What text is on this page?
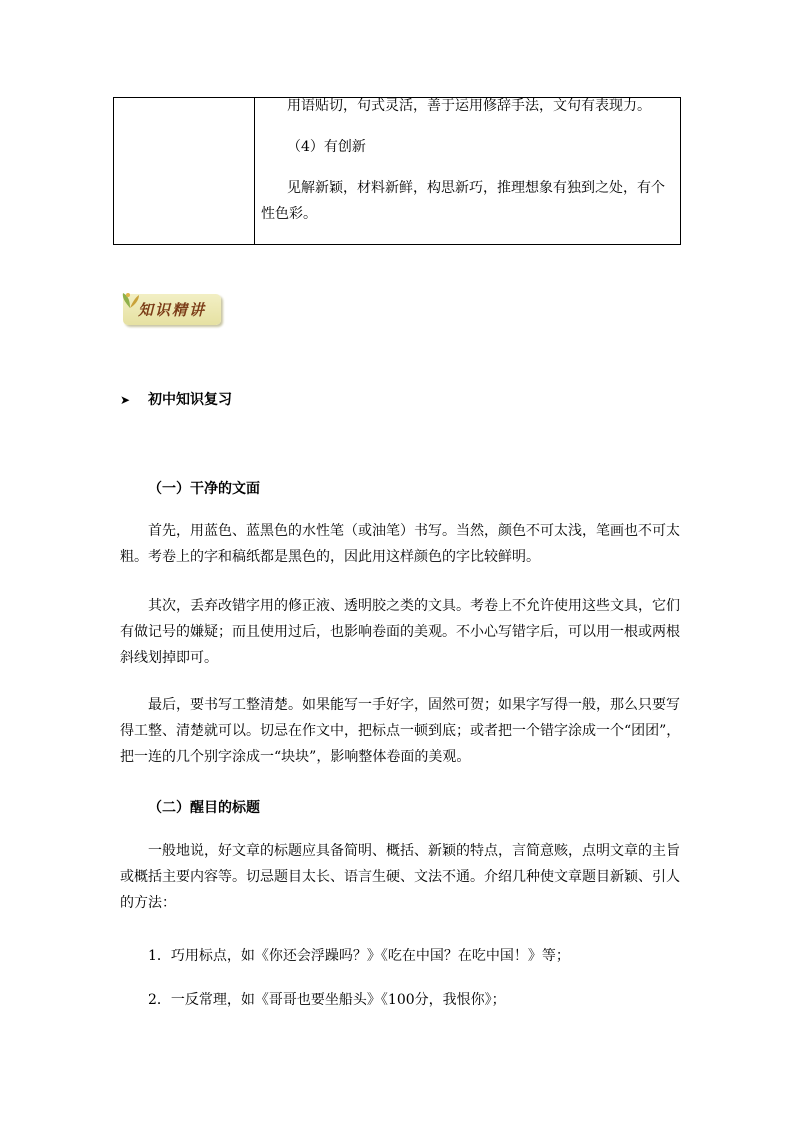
用语贴切，句式灵活，善于运用修辞手法，文句有表现力。
（4）有创新
见解新颖，材料新鲜，构思新巧，推理想象有独到之处，有个性色彩。
知识精讲
➤ 初中知识复习
（一）干净的文面

首先，用蓝色、蓝黑色的水性笔（或油笔）书写。当然，颜色不可太浅，笔画也不可太粗。考卷上的字和稿纸都是黑色的，因此用这样颜色的字比较鲜明。

其次，丢弃改错字用的修正液、透明胶之类的文具。考卷上不允许使用这些文具，它们有做记号的嫌疑；而且使用过后，也影响卷面的美观。不小心写错字后，可以用一根或两根斜线划掉即可。

最后，要书写工整清楚。如果能写一手好字，固然可贺；如果字写得一般，那么只要写得工整、清楚就可以。切忌在作文中，把标点一顿到底；或者把一个错字涂成一个“团团”，把一连的几个别字涂成一“块块”，影响整体卷面的美观。

（二）醒目的标题

一般地说，好文章的标题应具备简明、概括、新颖的特点，言简意赅，点明文章的主旨或概括主要内容等。切忌题目太长、语言生硬、文法不通。介绍几种使文章题目新颖、引人的方法：

1．巧用标点，如《你还会浮躁吗？》《吃在中国？在吃中国！》等；
2．一反常理，如《哥哥也要坐船头》《100分，我恨你》；
